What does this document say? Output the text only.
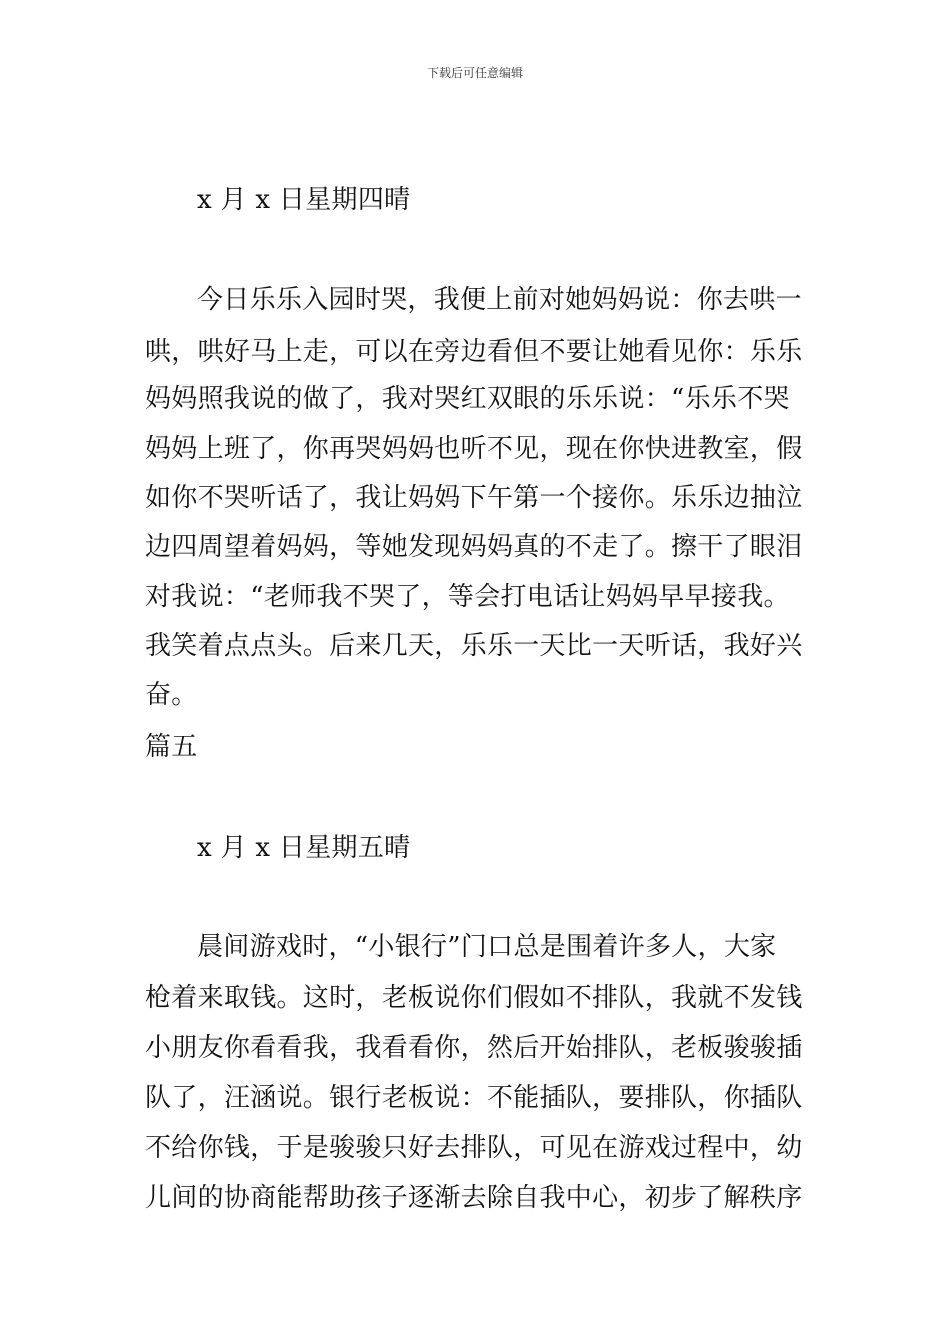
下载后可任意编辑
x 月 x 日星期四晴
今日乐乐入园时哭，我便上前对她妈妈说：你去哄一
哄，哄好马上走，可以在旁边看但不要让她看见你：乐乐
妈妈照我说的做了，我对哭红双眼的乐乐说：“乐乐不哭
妈妈上班了，你再哭妈妈也听不见，现在你快进教室，假
如你不哭听话了，我让妈妈下午第一个接你。乐乐边抽泣
边四周望着妈妈，等她发现妈妈真的不走了。擦干了眼泪
对我说：“老师我不哭了，等会打电话让妈妈早早接我。
我笑着点点头。后来几天，乐乐一天比一天听话，我好兴
奋。
篇五
x 月 x 日星期五晴
晨间游戏时，“小银行”门口总是围着许多人，大家
枪着来取钱。这时，老板说你们假如不排队，我就不发钱
小朋友你看看我，我看看你，然后开始排队，老板骏骏插
队了，汪涵说。银行老板说：不能插队，要排队，你插队
不给你钱，于是骏骏只好去排队，可见在游戏过程中，幼
儿间的协商能帮助孩子逐渐去除自我中心，初步了解秩序
